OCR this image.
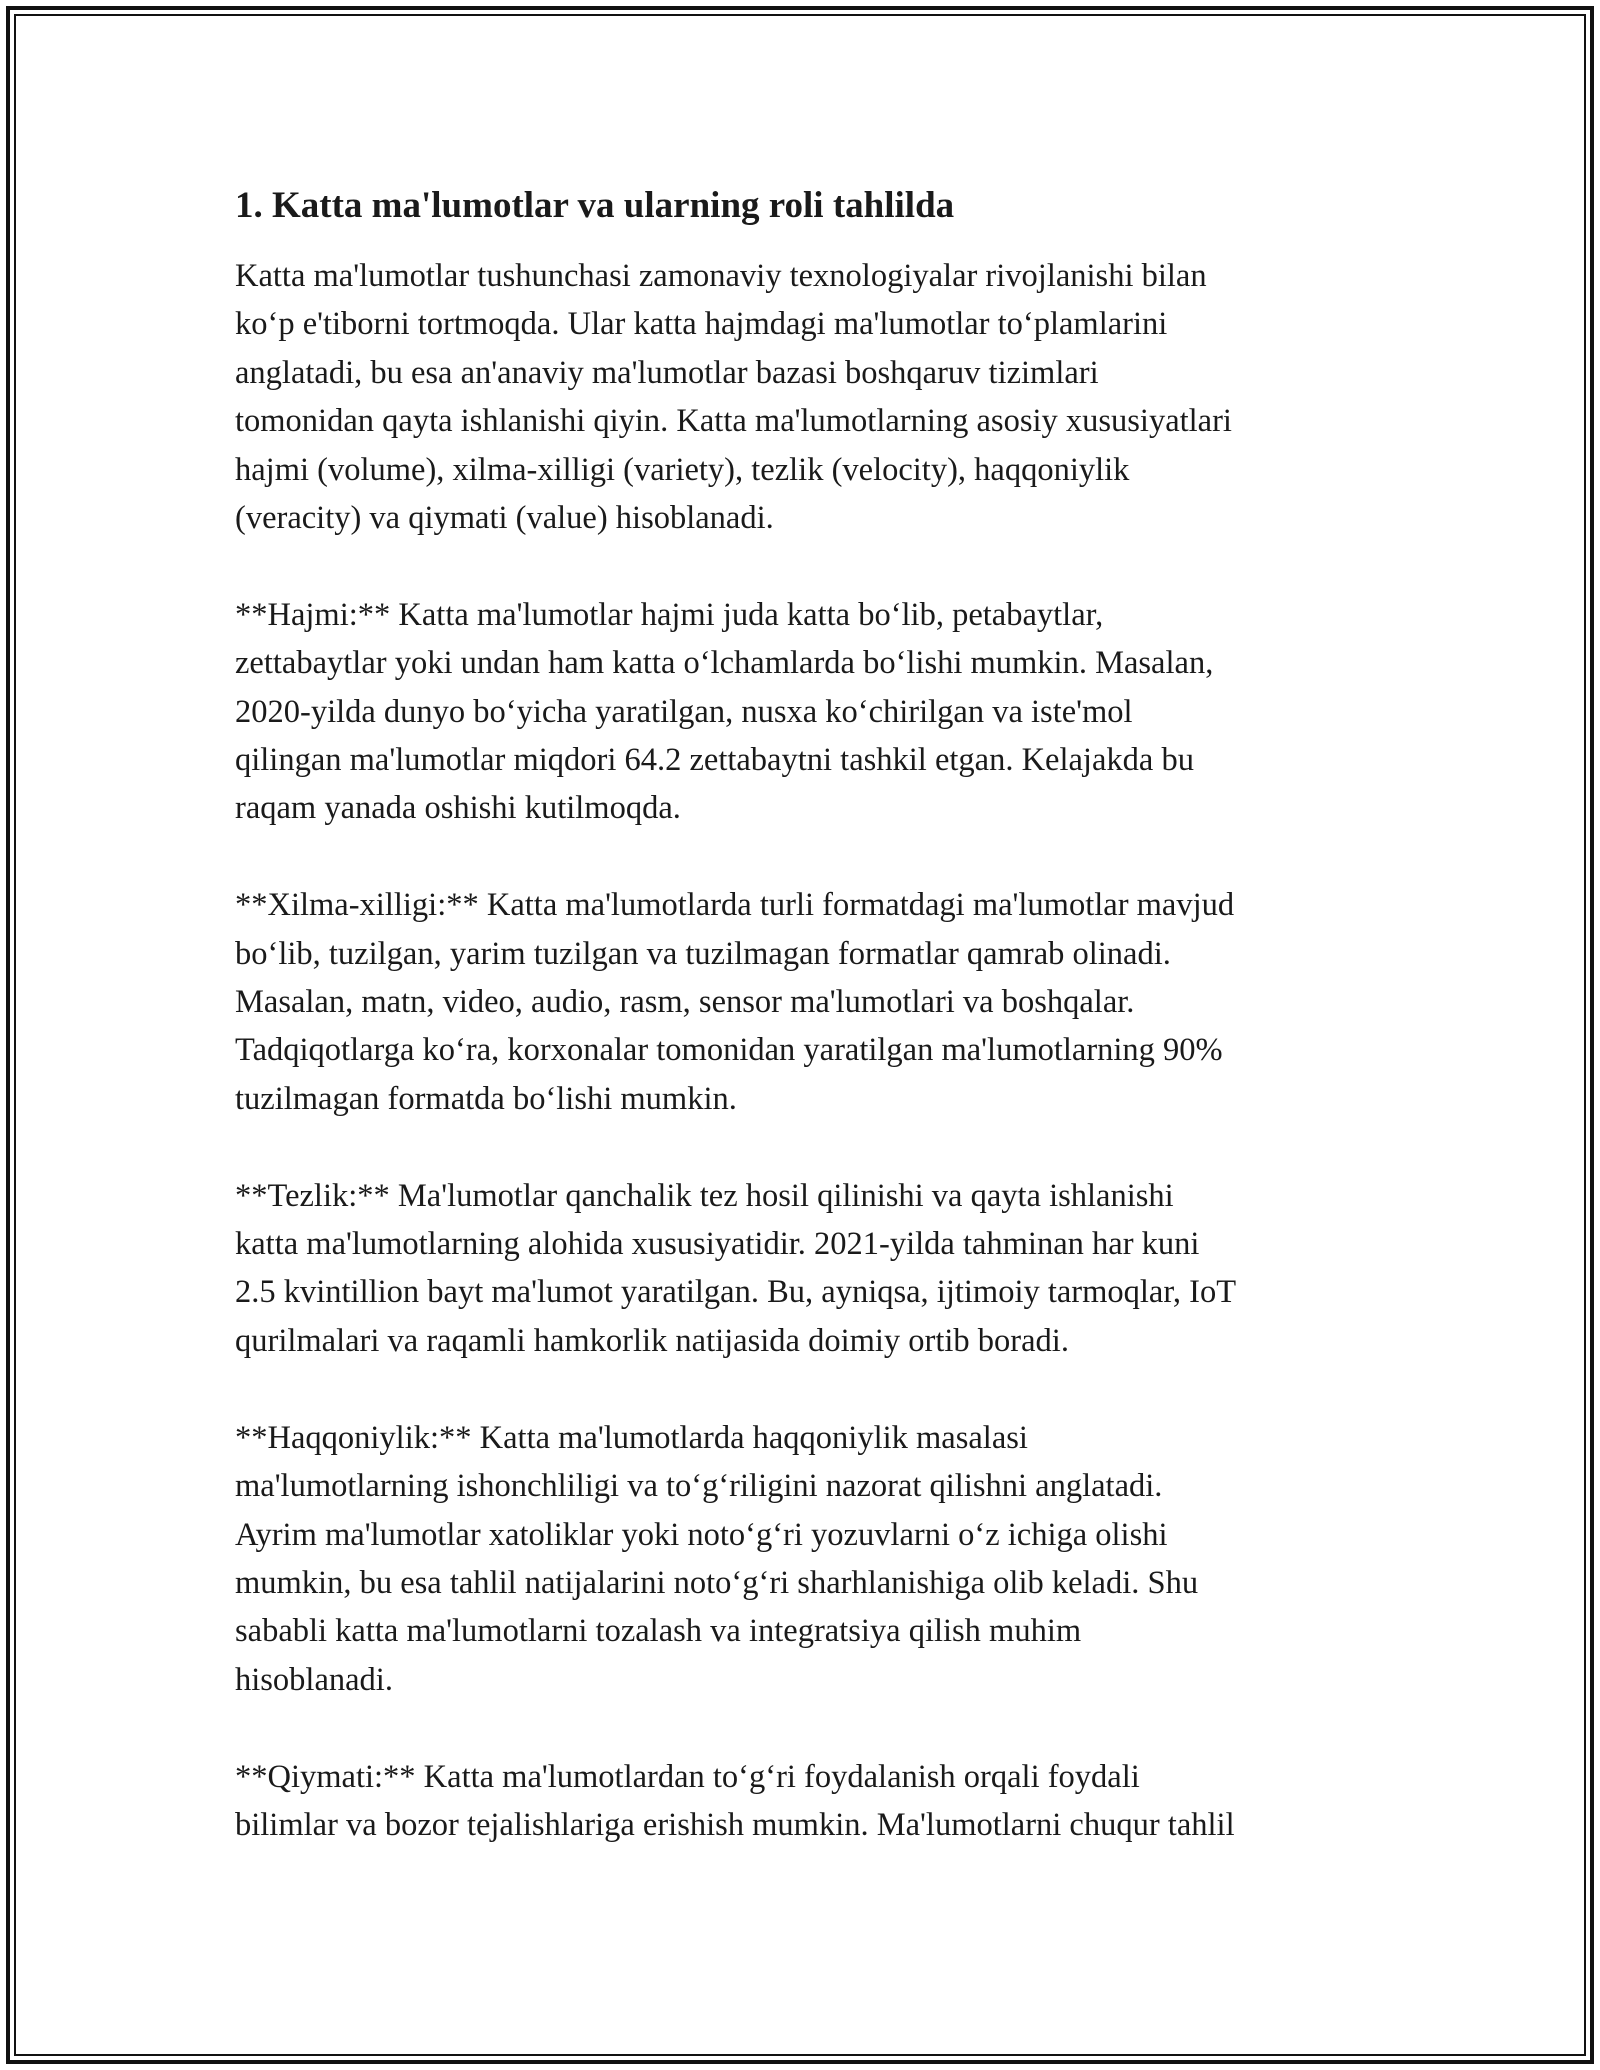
1. Katta ma'lumotlar va ularning roli tahlilda

Katta ma'lumotlar tushunchasi zamonaviy texnologiyalar rivojlanishi bilan
koʻp e'tiborni tortmoqda. Ular katta hajmdagi ma'lumotlar toʻplamlarini
anglatadi, bu esa an'anaviy ma'lumotlar bazasi boshqaruv tizimlari
tomonidan qayta ishlanishi qiyin. Katta ma'lumotlarning asosiy xususiyatlari
hajmi (volume), xilma-xilligi (variety), tezlik (velocity), haqqoniylik
(veracity) va qiymati (value) hisoblanadi.

**Hajmi:** Katta ma'lumotlar hajmi juda katta boʻlib, petabaytlar,
zettabaytlar yoki undan ham katta oʻlchamlarda boʻlishi mumkin. Masalan,
2020-yilda dunyo boʻyicha yaratilgan, nusxa koʻchirilgan va iste'mol
qilingan ma'lumotlar miqdori 64.2 zettabaytni tashkil etgan. Kelajakda bu
raqam yanada oshishi kutilmoqda.

**Xilma-xilligi:** Katta ma'lumotlarda turli formatdagi ma'lumotlar mavjud
boʻlib, tuzilgan, yarim tuzilgan va tuzilmagan formatlar qamrab olinadi.
Masalan, matn, video, audio, rasm, sensor ma'lumotlari va boshqalar.
Tadqiqotlarga koʻra, korxonalar tomonidan yaratilgan ma'lumotlarning 90%
tuzilmagan formatda boʻlishi mumkin.

**Tezlik:** Ma'lumotlar qanchalik tez hosil qilinishi va qayta ishlanishi
katta ma'lumotlarning alohida xususiyatidir. 2021-yilda tahminan har kuni
2.5 kvintillion bayt ma'lumot yaratilgan. Bu, ayniqsa, ijtimoiy tarmoqlar, IoT
qurilmalari va raqamli hamkorlik natijasida doimiy ortib boradi.

**Haqqoniylik:** Katta ma'lumotlarda haqqoniylik masalasi
ma'lumotlarning ishonchliligi va toʻgʻriligini nazorat qilishni anglatadi.
Ayrim ma'lumotlar xatoliklar yoki notoʻgʻri yozuvlarni oʻz ichiga olishi
mumkin, bu esa tahlil natijalarini notoʻgʻri sharhlanishiga olib keladi. Shu
sababli katta ma'lumotlarni tozalash va integratsiya qilish muhim
hisoblanadi.

**Qiymati:** Katta ma'lumotlardan toʻgʻri foydalanish orqali foydali
bilimlar va bozor tejalishlariga erishish mumkin. Ma'lumotlarni chuqur tahlil
